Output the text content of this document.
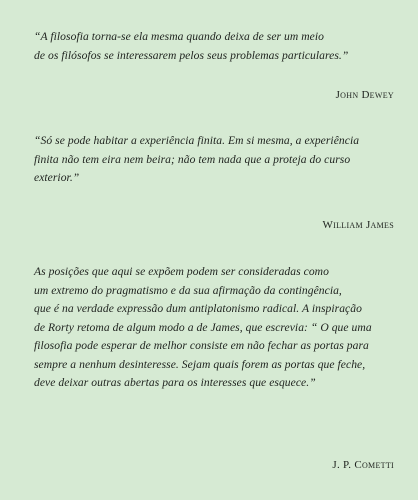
“A filosofia torna-se ela mesma quando deixa de ser um meio
de os filósofos se interessarem pelos seus problemas particulares.”
John Dewey
“Só se pode habitar a experiência finita. Em si mesma, a experiência
finita não tem eira nem beira; não tem nada que a proteja do curso
exterior.”
William James
As posições que aqui se expõem podem ser consideradas como
um extremo do pragmatismo e da sua afirmação da contingência,
que é na verdade expressão dum antiplatonismo radical. A inspiração
de Rorty retoma de algum modo a de James, que escrevia: “ O que uma
filosofia pode esperar de melhor consiste em não fechar as portas para
sempre a nenhum desinteresse. Sejam quais forem as portas que feche,
deve deixar outras abertas para os interesses que esquece.”
J. P. Cometti
